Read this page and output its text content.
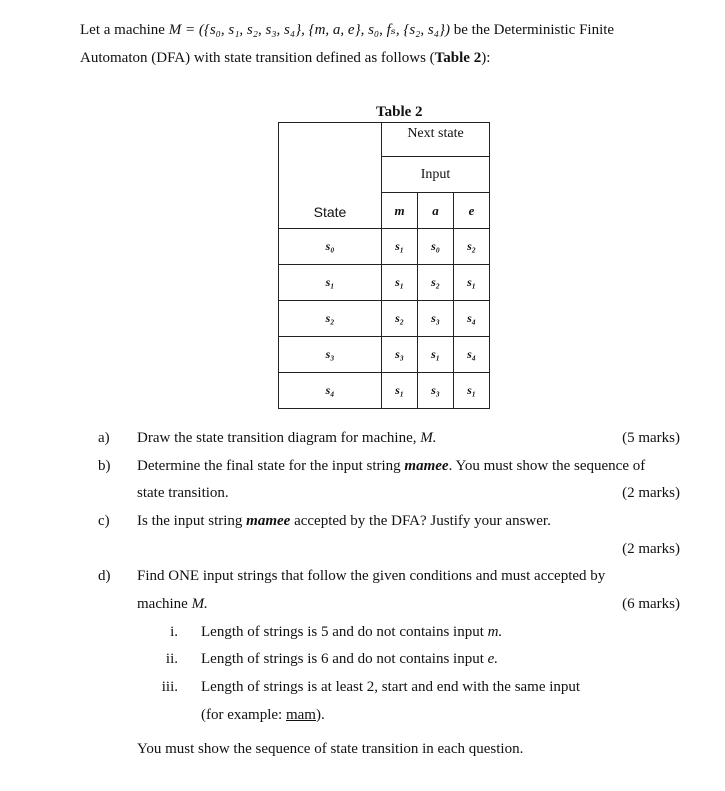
Let a machine M = ({s₀, s₁, s₂, s₃, s₄}, {m, a, e}, s₀, fₛ, {s₂, s₄}) be the Deterministic Finite
Automaton (DFA) with state transition defined as follows (Table 2):
Table 2
State	Next state		
	Input		
	m	a	e
s₀	s₁	s₀	s₂
s₁	s₁	s₂	s₁
s₂	s₂	s₃	s₄
s₃	s₃	s₁	s₄
s₄	s₁	s₃	s₁
a) Draw the state transition diagram for machine, M.	(5 marks)
b) Determine the final state for the input string mamee. You must show the sequence of
state transition.	(2 marks)
c) Is the input string mamee accepted by the DFA? Justify your answer.
(2 marks)
d) Find ONE input strings that follow the given conditions and must accepted by
machine M.	(6 marks)
i. Length of strings is 5 and do not contains input m.
ii. Length of strings is 6 and do not contains input e.
iii. Length of strings is at least 2, start and end with the same input
(for example: mam).
You must show the sequence of state transition in each question.
